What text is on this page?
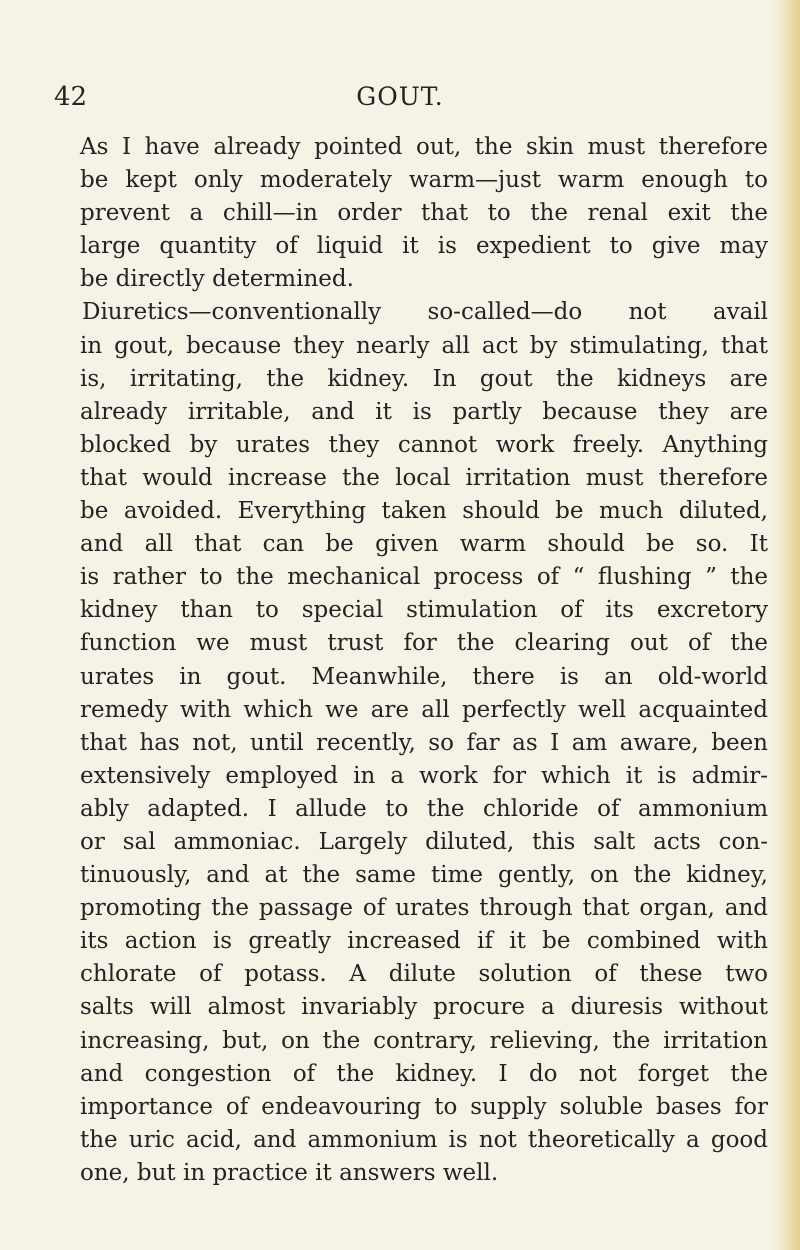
42	GOUT.
As I have already pointed out, the skin must therefore
be kept only moderately warm—just warm enough to
prevent a chill—in order that to the renal exit the
large quantity of liquid it is expedient to give may
be directly determined.
Diuretics—conventionally so-called—do not avail
in gout, because they nearly all act by stimulating, that
is, irritating, the kidney. In gout the kidneys are
already irritable, and it is partly because they are
blocked by urates they cannot work freely. Anything
that would increase the local irritation must therefore
be avoided. Everything taken should be much diluted,
and all that can be given warm should be so. It
is rather to the mechanical process of “ flushing ” the
kidney than to special stimulation of its excretory
function we must trust for the clearing out of the
urates in gout. Meanwhile, there is an old-world
remedy with which we are all perfectly well acquainted
that has not, until recently, so far as I am aware, been
extensively employed in a work for which it is admir-
ably adapted. I allude to the chloride of ammonium
or sal ammoniac. Largely diluted, this salt acts con-
tinuously, and at the same time gently, on the kidney,
promoting the passage of urates through that organ, and
its action is greatly increased if it be combined with
chlorate of potass. A dilute solution of these two
salts will almost invariably procure a diuresis without
increasing, but, on the contrary, relieving, the irritation
and congestion of the kidney. I do not forget the
importance of endeavouring to supply soluble bases for
the uric acid, and ammonium is not theoretically a good
one, but in practice it answers well.
